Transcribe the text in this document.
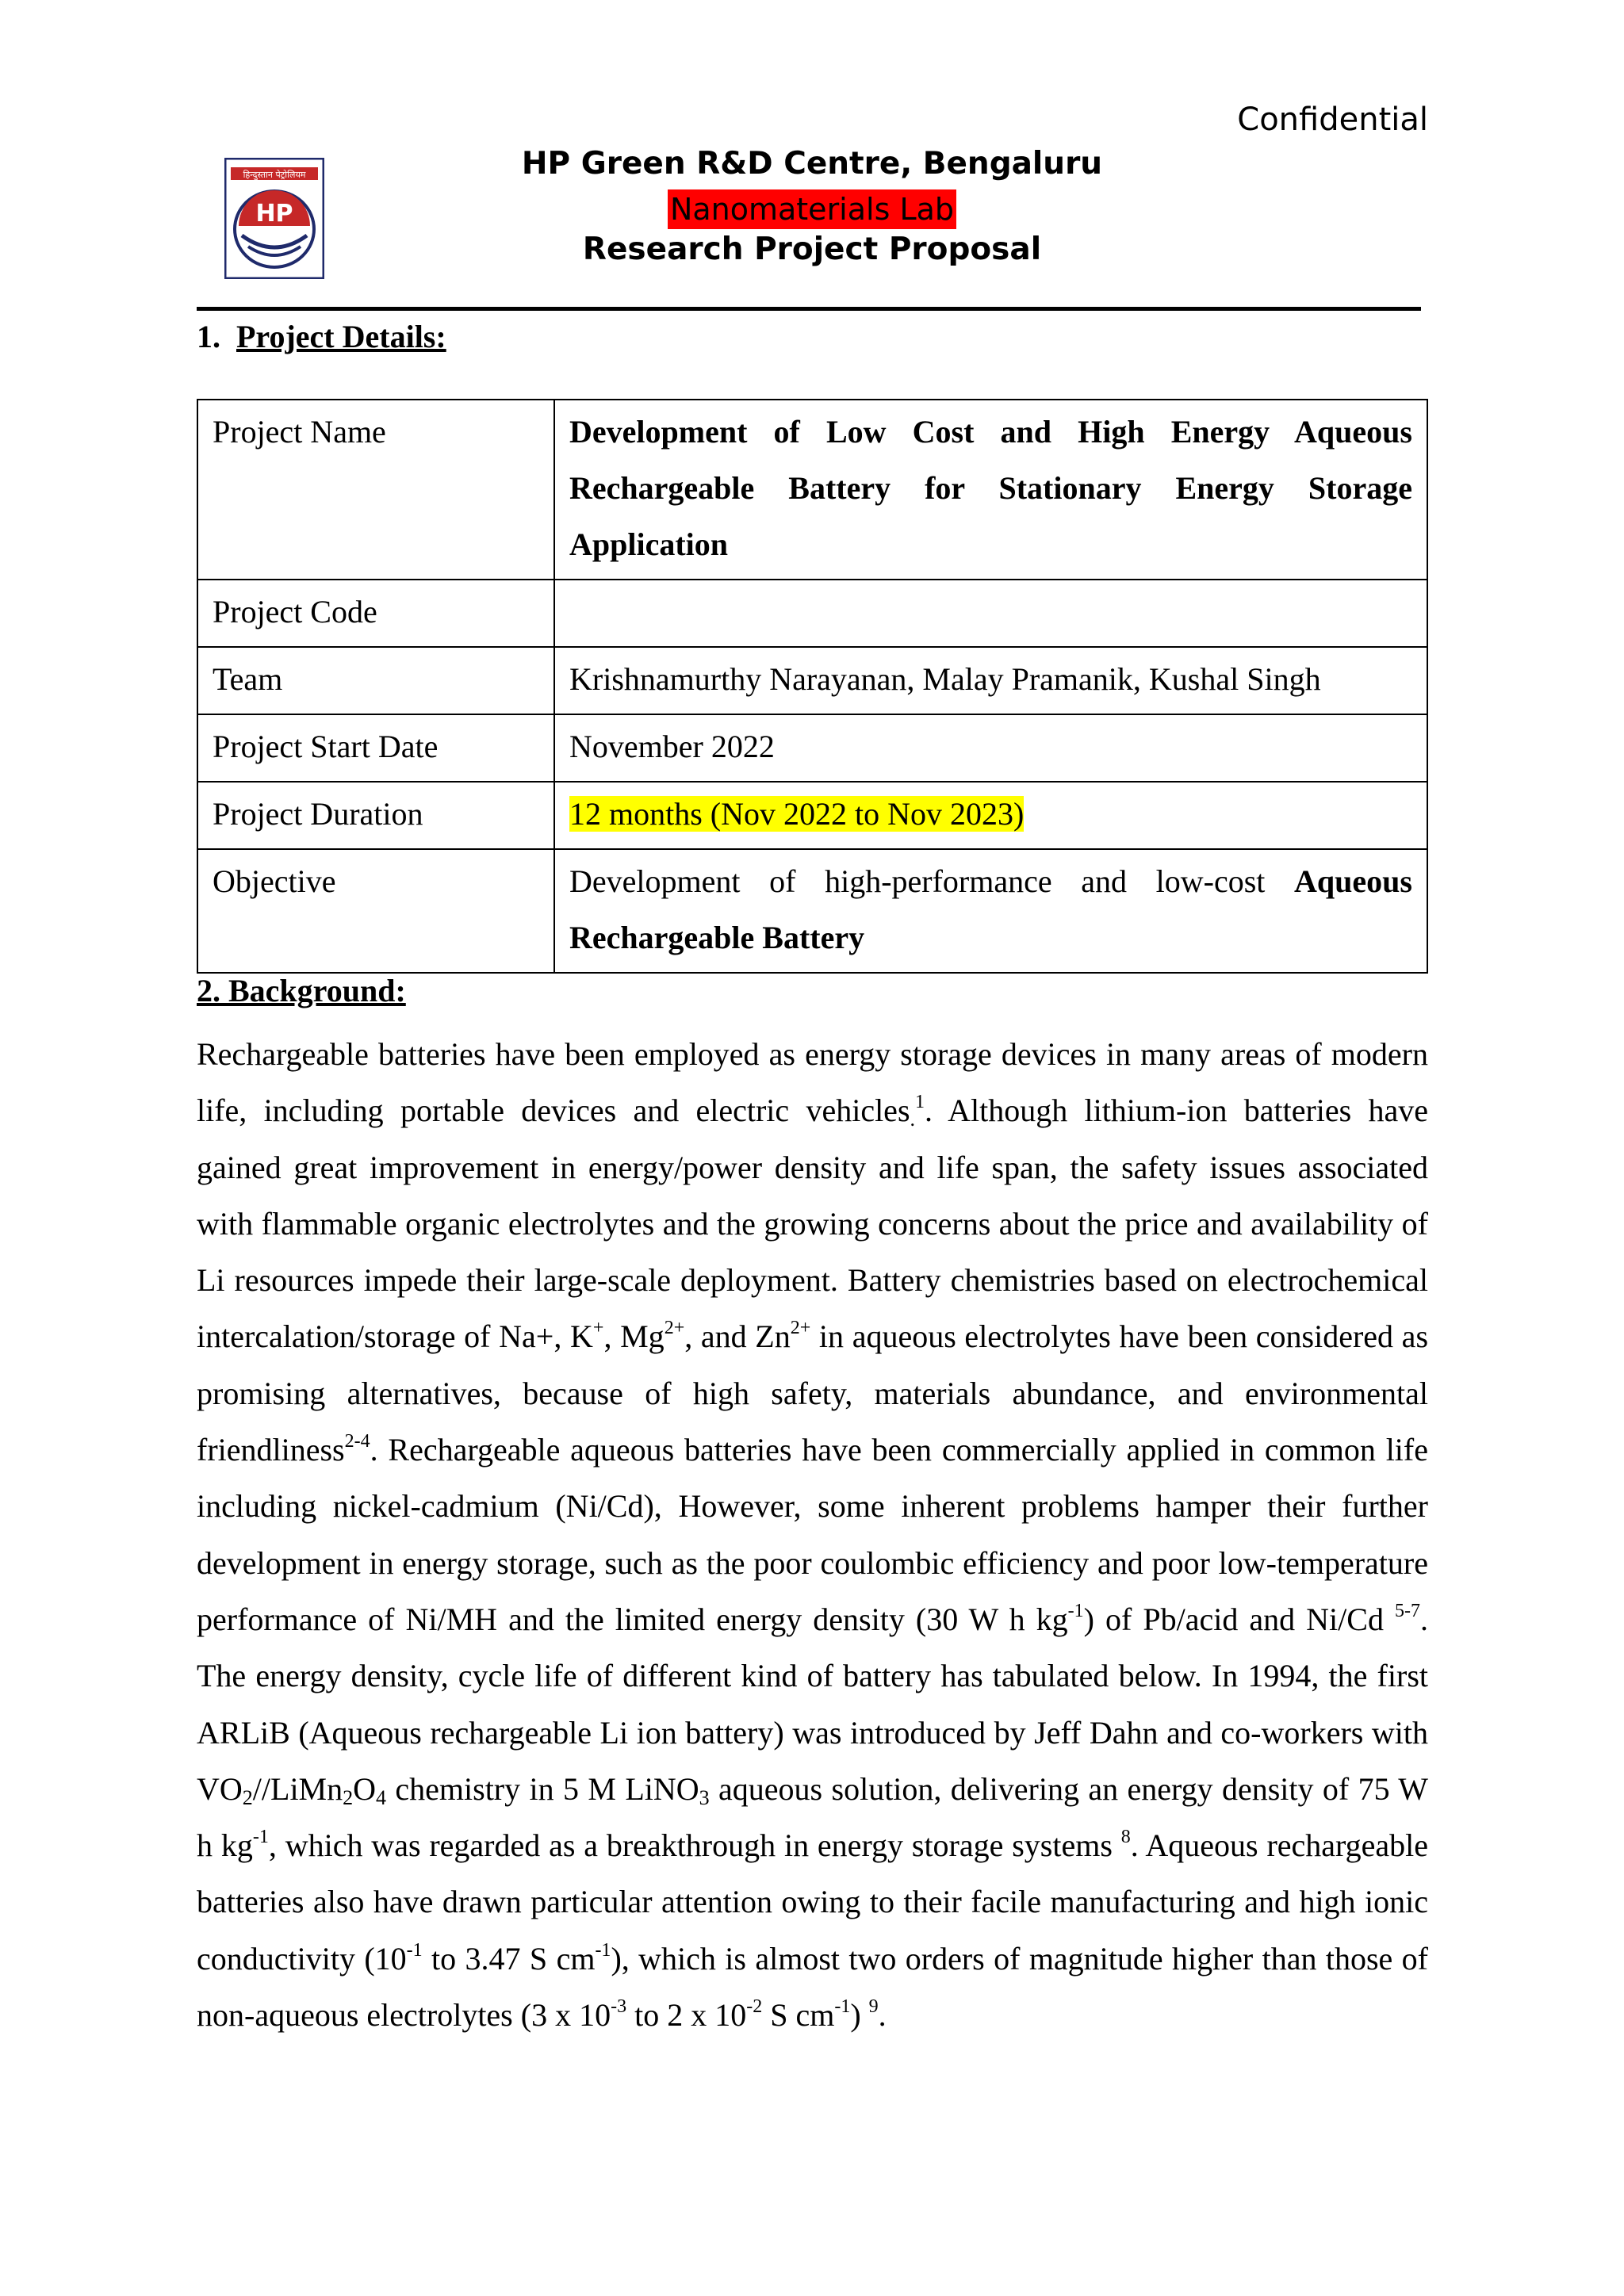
Confidential

हिन्दुस्तान पेट्रोलियम
HP

HP Green R&D Centre, Bengaluru

Nanomaterials Lab

Research Project Proposal

1. Project Details:

Project Name	Development of Low Cost and High Energy Aqueous Rechargeable Battery for Stationary Energy Storage Application
Project Code	
Team	Krishnamurthy Narayanan, Malay Pramanik, Kushal Singh
Project Start Date	November 2022
Project Duration	12 months (Nov 2022 to Nov 2023)
Objective	Development of high-performance and low-cost Aqueous Rechargeable Battery

2. Background:

Rechargeable batteries have been employed as energy storage devices in many areas of modern life, including portable devices and electric vehicles$_.^1$. Although lithium-ion batteries have gained great improvement in energy/power density and life span, the safety issues associated with flammable organic electrolytes and the growing concerns about the price and availability of Li resources impede their large-scale deployment. Battery chemistries based on electrochemical intercalation/storage of Na+, K+, $Mg^{2+}$, and $Zn^{2+}$ in aqueous electrolytes have been considered as promising alternatives, because of high safety, materials abundance, and environmental friendliness$^{2-4}$. Rechargeable aqueous batteries have been commercially applied in common life including nickel-cadmium (Ni/Cd), However, some inherent problems hamper their further development in energy storage, such as the poor coulombic efficiency and poor low-temperature performance of Ni/MH and the limited energy density (30 W h $kg^{-1}$) of Pb/acid and Ni/Cd $^{5-7}$. The energy density, cycle life of different kind of battery has tabulated below. In 1994, the first ARLiB (Aqueous rechargeable Li ion battery) was introduced by Jeff Dahn and co-workers with $VO_2//LiMn_2O_4$ chemistry in 5 M LiNO$_3$ aqueous solution, delivering an energy density of 75 W h $kg^{-1}$, which was regarded as a breakthrough in energy storage systems $^8$. Aqueous rechargeable batteries also have drawn particular attention owing to their facile manufacturing and high ionic conductivity ($10^{-1}$ to 3.47 S $cm^{-1}$), which is almost two orders of magnitude higher than those of non-aqueous electrolytes (3 x $10^{-3}$ to 2 x $10^{-2}$ S $cm^{-1}$) $^9$.
